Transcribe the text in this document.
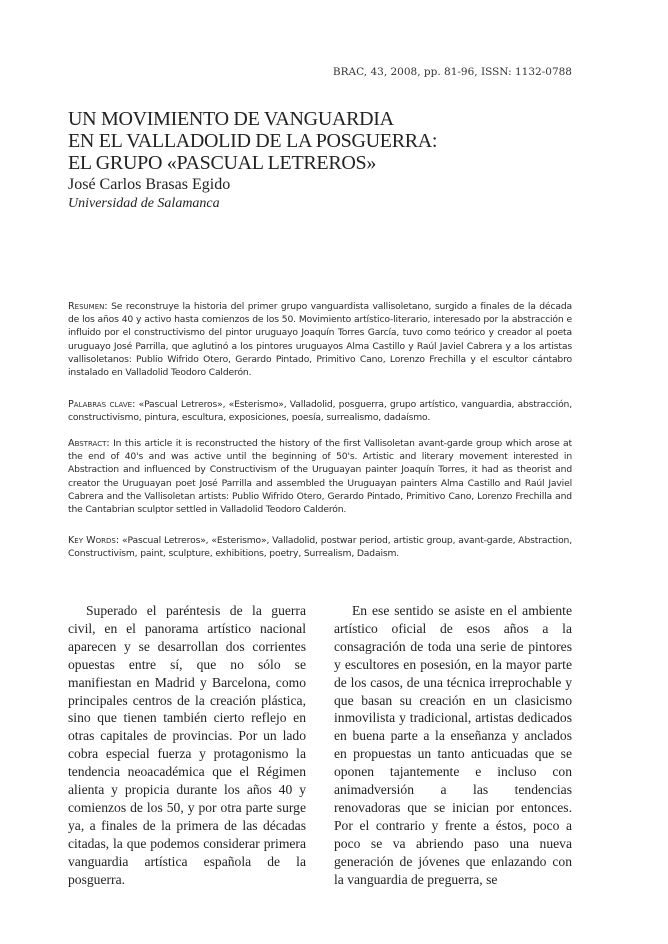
BRAC, 43, 2008, pp. 81-96, ISSN: 1132-0788
UN MOVIMIENTO DE VANGUARDIA
EN EL VALLADOLID DE LA POSGUERRA:
EL GRUPO «PASCUAL LETREROS»
José Carlos Brasas Egido
Universidad de Salamanca
Resumen: Se reconstruye la historia del primer grupo vanguardista vallisoletano, surgido a finales de la década de los años 40 y activo hasta comienzos de los 50. Movimiento artístico-literario, interesado por la abstracción e influido por el constructivismo del pintor uruguayo Joaquín Torres García, tuvo como teórico y creador al poeta uruguayo José Parrilla, que aglutinó a los pintores uruguayos Alma Castillo y Raúl Javiel Cabrera y a los artistas vallisoletanos: Publio Wifrido Otero, Gerardo Pintado, Primitivo Cano, Lorenzo Frechilla y el escultor cántabro instalado en Valladolid Teodoro Calderón.
Palabras clave: «Pascual Letreros», «Esterismo», Valladolid, posguerra, grupo artístico, vanguardia, abstracción, constructivismo, pintura, escultura, exposiciones, poesía, surrealismo, dadaísmo.
Abstract: In this article it is reconstructed the history of the first Vallisoletan avant-garde group which arose at the end of 40's and was active until the beginning of 50's. Artistic and literary movement interested in Abstraction and influenced by Constructivism of the Uruguayan painter Joaquín Torres, it had as theorist and creator the Uruguayan poet José Parrilla and assembled the Uruguayan painters Alma Castillo and Raúl Javiel Cabrera and the Vallisoletan artists: Publio Wifrido Otero, Gerardo Pintado, Primitivo Cano, Lorenzo Frechilla and the Cantabrian sculptor settled in Valladolid Teodoro Calderón.
Key Words: «Pascual Letreros», «Esterismo», Valladolid, postwar period, artistic group, avant-garde, Abstraction, Constructivism, paint, sculpture, exhibitions, poetry, Surrealism, Dadaism.

Superado el paréntesis de la guerra civil, en el panorama artístico nacional aparecen y se desarrollan dos corrientes opuestas entre sí, que no sólo se manifiestan en Madrid y Barcelona, como principales centros de la creación plástica, sino que tienen también cierto reflejo en otras capitales de provincias. Por un lado cobra especial fuerza y protagonismo la tendencia neoacadémica que el Régimen alienta y propicia durante los años 40 y comienzos de los 50, y por otra parte surge ya, a finales de la primera de las décadas citadas, la que podemos considerar primera vanguardia artística española de la posguerra.

En ese sentido se asiste en el ambiente artístico oficial de esos años a la consagración de toda una serie de pintores y escultores en posesión, en la mayor parte de los casos, de una técnica irreprochable y que basan su creación en un clasicismo inmovilista y tradicional, artistas dedicados en buena parte a la enseñanza y anclados en propuestas un tanto anticuadas que se oponen tajantemente e incluso con animadversión a las tendencias renovadoras que se inician por entonces. Por el contrario y frente a éstos, poco a poco se va abriendo paso una nueva generación de jóvenes que enlazando con la vanguardia de preguerra, se
